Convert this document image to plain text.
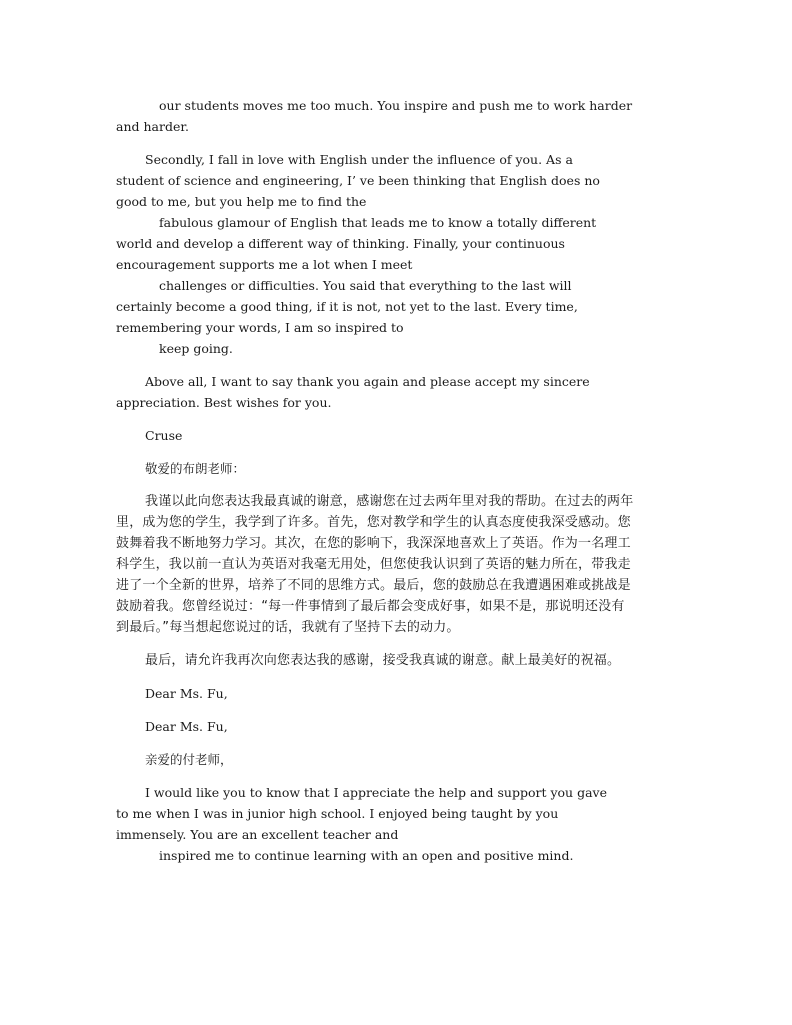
our students moves me too much. You inspire and push me to work harder
and harder.
Secondly, I fall in love with English under the influence of you. As a
student of science and engineering, I’ ve been thinking that English does no
good to me, but you help me to find the
fabulous glamour of English that leads me to know a totally different
world and develop a different way of thinking. Finally, your continuous
encouragement supports me a lot when I meet
challenges or difficulties. You said that everything to the last will
certainly become a good thing, if it is not, not yet to the last. Every time,
remembering your words, I am so inspired to
keep going.
Above all, I want to say thank you again and please accept my sincere
appreciation. Best wishes for you.
Cruse
敬爱的布朗老师：
我谨以此向您表达我最真诚的谢意，感谢您在过去两年里对我的帮助。在过去的两年
里，成为您的学生，我学到了许多。首先，您对教学和学生的认真态度使我深受感动。您
鼓舞着我不断地努力学习。其次，在您的影响下，我深深地喜欢上了英语。作为一名理工
科学生，我以前一直认为英语对我毫无用处，但您使我认识到了英语的魅力所在，带我走
进了一个全新的世界，培养了不同的思维方式。最后，您的鼓励总在我遭遇困难或挑战是
鼓励着我。您曾经说过：“每一件事情到了最后都会变成好事，如果不是，那说明还没有
到最后。”每当想起您说过的话，我就有了坚持下去的动力。
最后，请允许我再次向您表达我的感谢，接受我真诚的谢意。献上最美好的祝福。
Dear Ms. Fu,
Dear Ms. Fu,
亲爱的付老师，
I would like you to know that I appreciate the help and support you gave
to me when I was in junior high school. I enjoyed being taught by you
immensely. You are an excellent teacher and
inspired me to continue learning with an open and positive mind.
